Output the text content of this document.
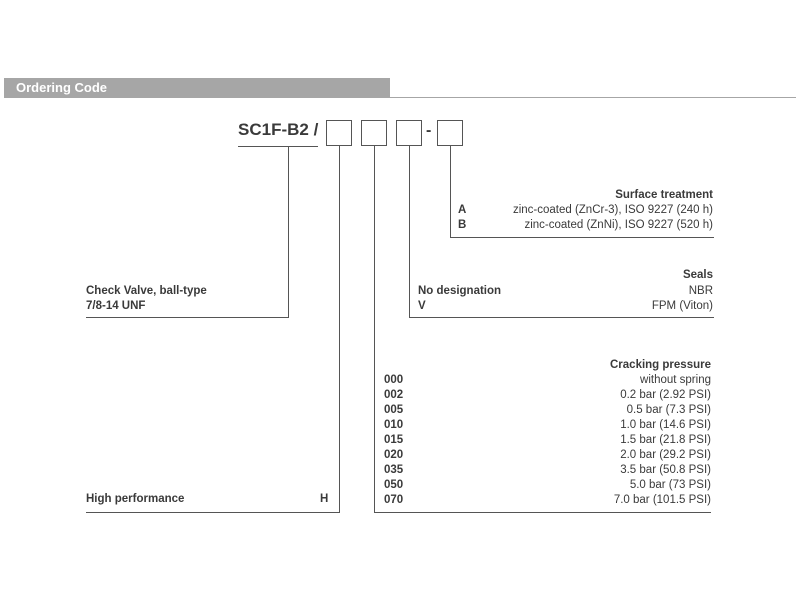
Ordering Code
SC1F-B2 /	-
Surface treatment
A	zinc-coated (ZnCr-3), ISO 9227 (240 h)
B	zinc-coated (ZnNi), ISO 9227 (520 h)
Seals
No designation	NBR
V	FPM (Viton)
Check Valve, ball-type
7/8-14 UNF
Cracking pressure
000	without spring
002	0.2 bar (2.92 PSI)
005	0.5 bar (7.3 PSI)
010	1.0 bar (14.6 PSI)
015	1.5 bar (21.8 PSI)
020	2.0 bar (29.2 PSI)
035	3.5 bar (50.8 PSI)
050	5.0 bar (73 PSI)
070	7.0 bar (101.5 PSI)
High performance	H
